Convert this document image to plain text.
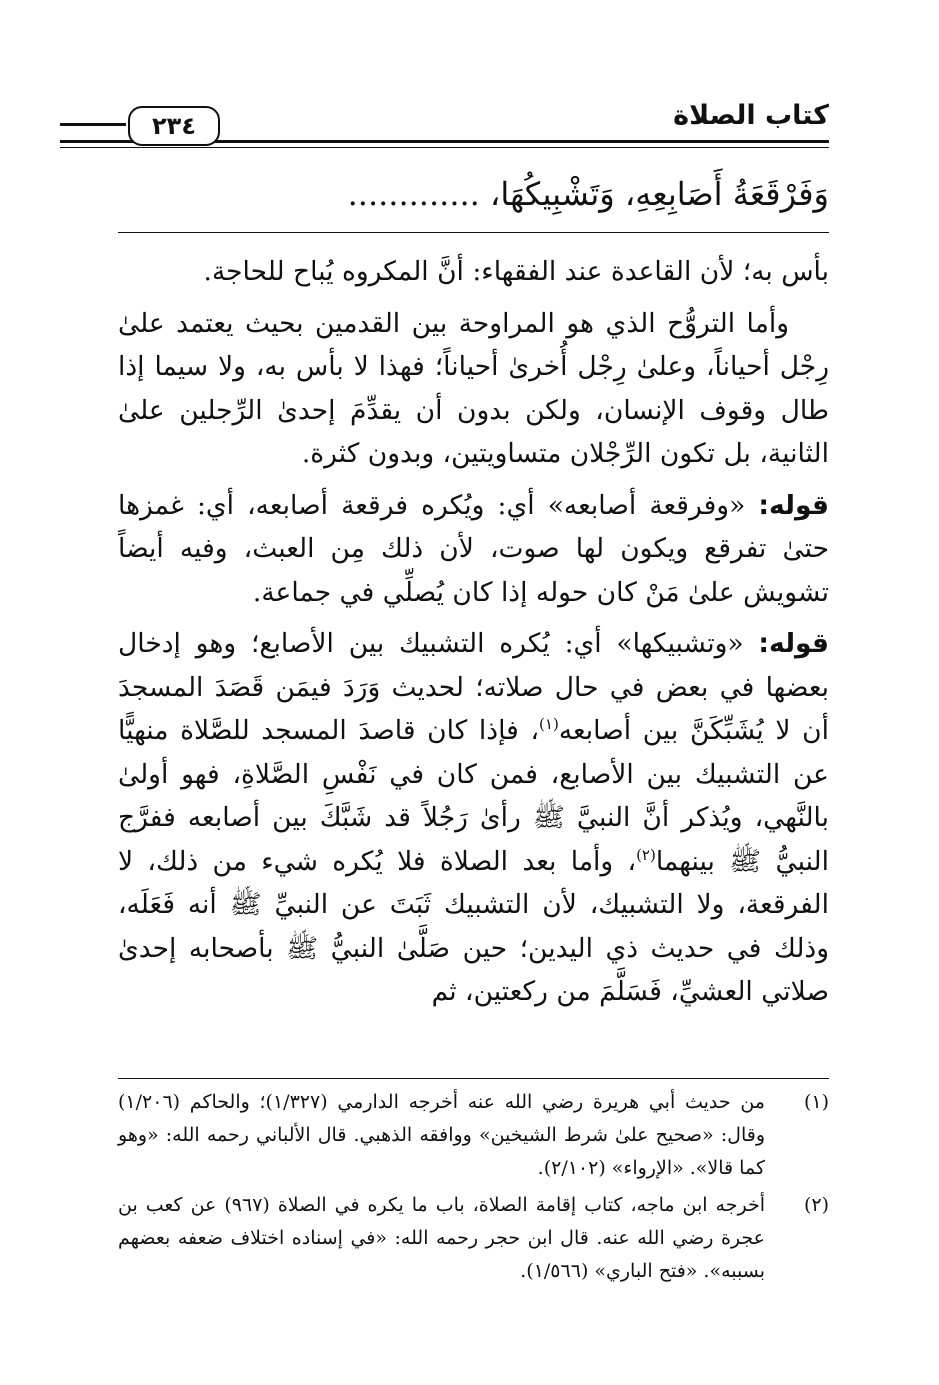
كتاب الصلاة
٢٣٤
وَفَرْقَعَةُ أَصَابِعِهِ، وَتَشْبِيكُهَا، .............

بأس به؛ لأن القاعدة عند الفقهاء: أنَّ المكروه يُباح للحاجة.

وأما التروُّح الذي هو المراوحة بين القدمين بحيث يعتمد علىٰ رِجْل أحياناً، وعلىٰ رِجْل أُخرىٰ أحياناً؛ فهذا لا بأس به، ولا سيما إذا طال وقوف الإنسان، ولكن بدون أن يقدِّمَ إحدىٰ الرِّجلين علىٰ الثانية، بل تكون الرِّجْلان متساويتين، وبدون كثرة.

قوله: «وفرقعة أصابعه» أي: ويُكره فرقعة أصابعه، أي: غمزها حتىٰ تفرقع ويكون لها صوت، لأن ذلك مِن العبث، وفيه أيضاً تشويش علىٰ مَنْ كان حوله إذا كان يُصلِّي في جماعة.

قوله: «وتشبيكها» أي: يُكره التشبيك بين الأصابع؛ وهو إدخال بعضها في بعض في حال صلاته؛ لحديث وَرَدَ فيمَن قَصَدَ المسجدَ أن لا يُشَبِّكَنَّ بين أصابعه$^{(١)}$، فإذا كان قاصدَ المسجد للصَّلاة منهيًّا عن التشبيك بين الأصابع، فمن كان في نَفْسِ الصَّلاةِ، فهو أولىٰ بالنَّهي، ويُذكر أنَّ النبيَّ ﷺ رأىٰ رَجُلاً قد شَبَّكَ بين أصابعه ففرَّج النبيُّ ﷺ بينهما$^{(٢)}$، وأما بعد الصلاة فلا يُكره شيء من ذلك، لا الفرقعة، ولا التشبيك، لأن التشبيك ثَبَتَ عن النبيِّ ﷺ أنه فَعَلَه، وذلك في حديث ذي اليدين؛ حين صَلَّىٰ النبيُّ ﷺ بأصحابه إحدىٰ صلاتي العشيِّ، فَسَلَّمَ من ركعتين، ثم

(١)
من حديث أبي هريرة رضي الله عنه أخرجه الدارمي (١/٣٢٧)؛ والحاكم (١/٢٠٦) وقال: «صحيح علىٰ شرط الشيخين» ووافقه الذهبي. قال الألباني رحمه الله: «وهو كما قالا». «الإرواء» (٢/١٠٢).
(٢)
أخرجه ابن ماجه، كتاب إقامة الصلاة، باب ما يكره في الصلاة (٩٦٧) عن كعب بن عجرة رضي الله عنه. قال ابن حجر رحمه الله: «في إسناده اختلاف ضعفه بعضهم بسببه». «فتح الباري» (١/٥٦٦).
